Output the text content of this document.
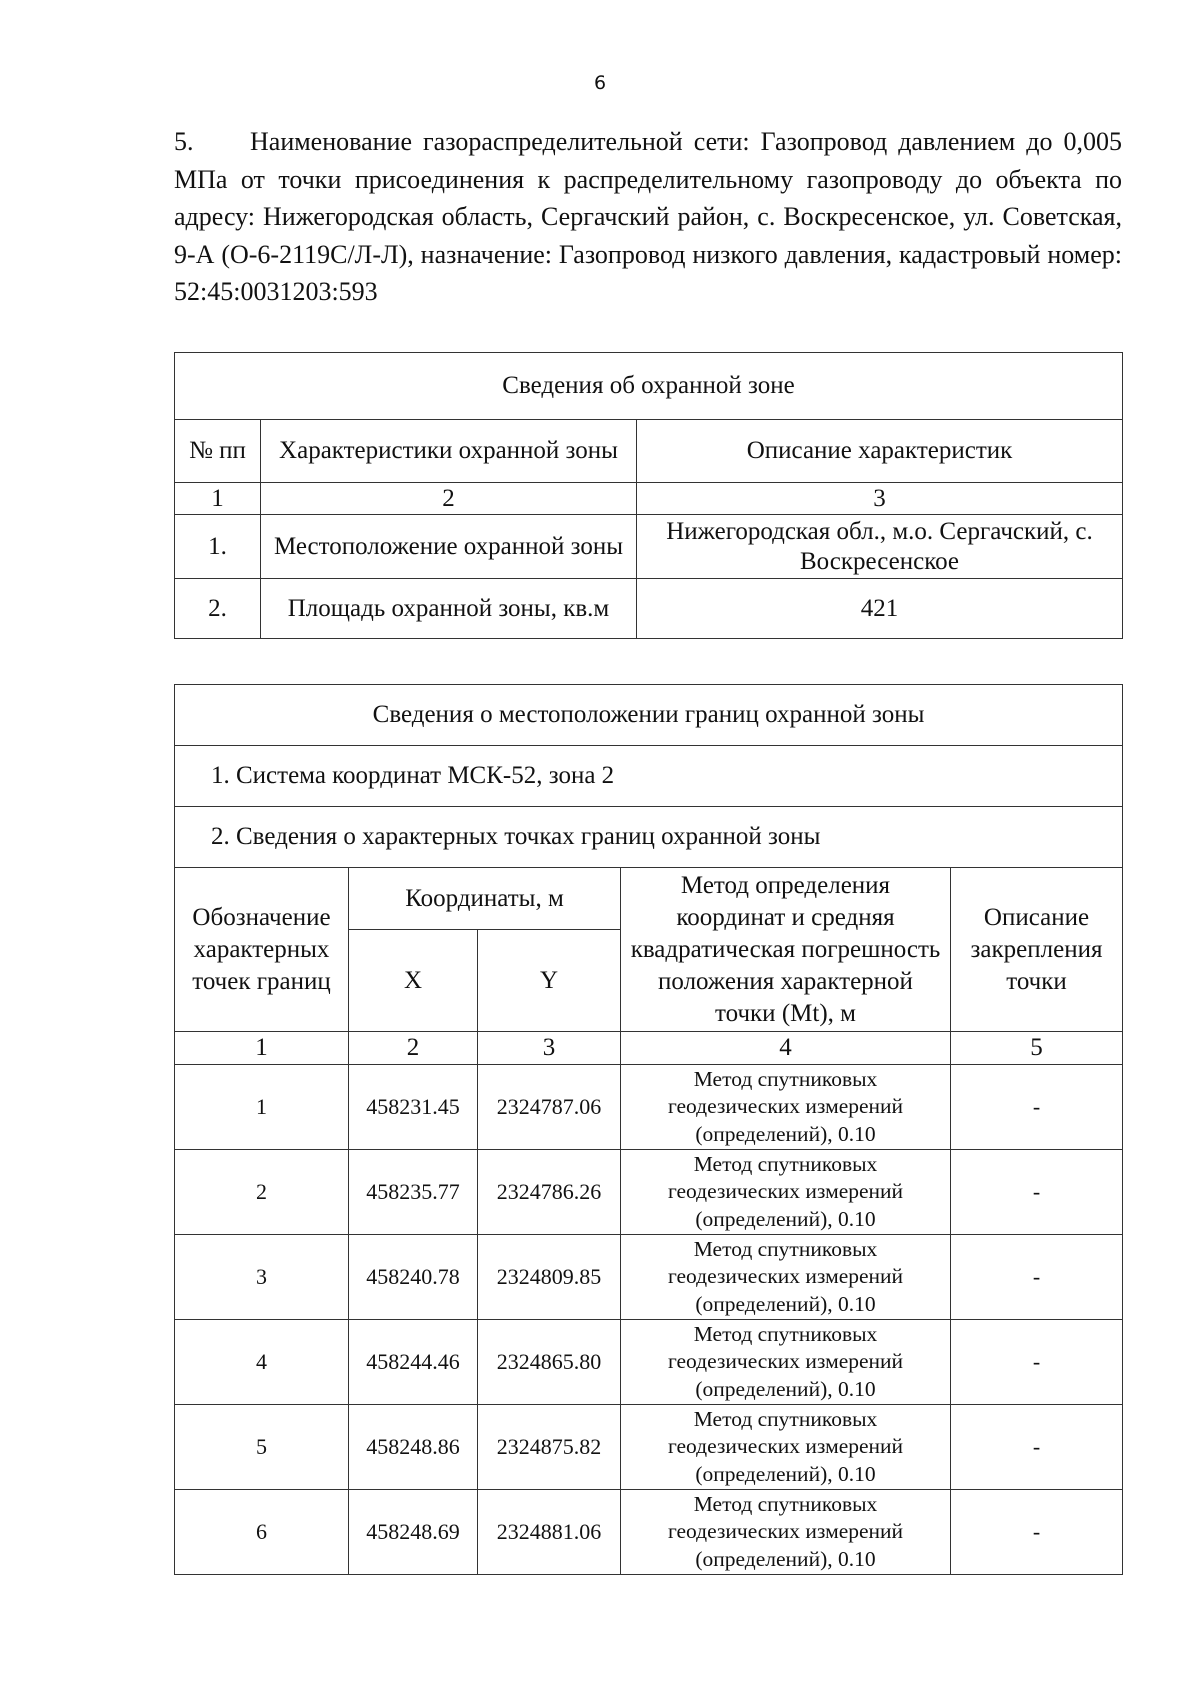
6
5. Наименование газораспределительной сети: Газопровод давлением до 0,005 МПа от точки присоединения к распределительному газопроводу до объекта по адресу: Нижегородская область, Сергачский район, с. Воскресенское, ул. Советская, 9-А (О-6-2119С/Л-Л), назначение: Газопровод низкого давления, кадастровый номер: 52:45:0031203:593
Сведения об охранной зоне		
№ пп	Характеристики охранной зоны	Описание характеристик
1	2	3
1.	Местоположение охранной зоны	Нижегородская обл., м.о. Сергачский, с. Воскресенское
2.	Площадь охранной зоны, кв.м	421
Сведения о местоположении границ охранной зоны				
1. Система координат МСК-52, зона 2				
2. Сведения о характерных точках границ охранной зоны				
Обозначение характерных точек границ	Координаты, м		Метод определения координат и средняя квадратическая погрешность положения характерной точки (Mt), м	Описание закрепления точки
	X	Y		
1	2	3	4	5
1	458231.45	2324787.06	Метод спутниковых геодезических измерений (определений), 0.10	-
2	458235.77	2324786.26	Метод спутниковых геодезических измерений (определений), 0.10	-
3	458240.78	2324809.85	Метод спутниковых геодезических измерений (определений), 0.10	-
4	458244.46	2324865.80	Метод спутниковых геодезических измерений (определений), 0.10	-
5	458248.86	2324875.82	Метод спутниковых геодезических измерений (определений), 0.10	-
6	458248.69	2324881.06	Метод спутниковых геодезических измерений (определений), 0.10	-
